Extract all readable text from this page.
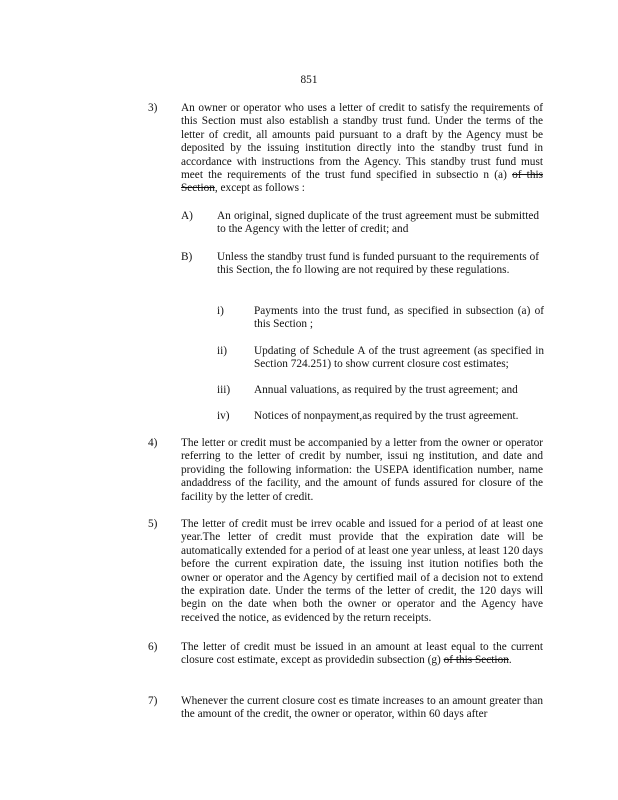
851
3) An owner or operator who uses a letter of credit to satisfy the requirements of this Section must also establish a standby trust fund. Under the terms of the letter of credit, all amounts paid pursuant to a draft by the Agency must be deposited by the issuing institution directly into the standby trust fund in accordance with instructions from the Agency. This standby trust fund must meet the requirements of the trust fund specified in subsectio n (a) of this Section, except as follows :
A) An original, signed duplicate of the trust agreement must be submitted to the Agency with the letter of credit; and
B) Unless the standby trust fund is funded pursuant to the requirements of this Section, the fo llowing are not required by these regulations.
i)	Payments into the trust fund, as specified in subsection (a) of this Section ;
ii) Updating of Schedule A of the trust agreement (as specified in Section 724.251) to show current closure cost estimates;
iii) Annual valuations, as required by the trust agreement; and
iv) Notices of nonpayment,as required by the trust agreement.
4) The letter or credit must be accompanied by a letter from the owner or operator referring to the letter of credit by number, issui ng institution, and date and providing the following information: the USEPA identification number, name andaddress of the facility, and the amount of funds assured for closure of the facility by the letter of credit.
5) The letter of credit must be irrev ocable and issued for a period of at least one year.The letter of credit must provide that the expiration date will be automatically extended for a period of at least one year unless, at least 120 days before the current expiration date, the issuing inst itution notifies both the owner or operator and the Agency by certified mail of a decision not to extend the expiration date. Under the terms of the letter of credit, the 120 days will begin on the date when both the owner or operator and the Agency have received the notice, as evidenced by the return receipts.
6) The letter of credit must be issued in an amount at least equal to the current closure cost estimate, except as providedin subsection (g) of this Section.
7) Whenever the current closure cost es timate increases to an amount greater than the amount of the credit, the owner or operator, within 60 days after
